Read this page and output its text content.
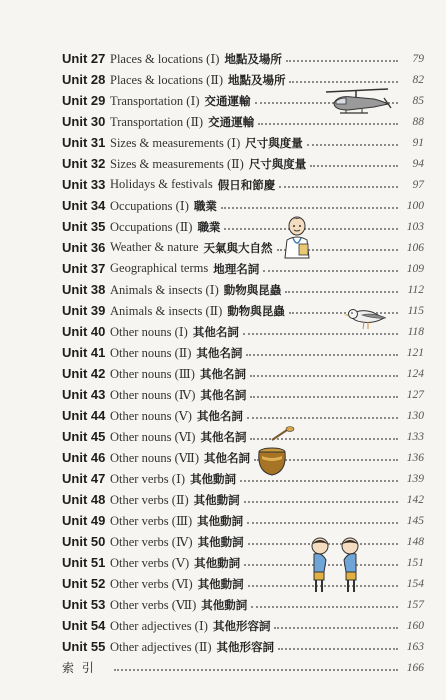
Unit 27 Places & locations (Ⅰ) 地點及場所	79
Unit 28 Places & locations (Ⅱ) 地點及場所	82
Unit 29 Transportation (Ⅰ) 交通運輸	85
Unit 30 Transportation (Ⅱ) 交通運輸	88
Unit 31 Sizes & measurements (Ⅰ) 尺寸與度量	91
Unit 32 Sizes & measurements (Ⅱ) 尺寸與度量	94
Unit 33 Holidays & festivals 假日和節慶	97
Unit 34 Occupations (Ⅰ) 職業	100
Unit 35 Occupations (Ⅱ) 職業	103
Unit 36 Weather & nature 天氣與大自然	106
Unit 37 Geographical terms 地理名詞	109
Unit 38 Animals & insects (Ⅰ) 動物與昆蟲	112
Unit 39 Animals & insects (Ⅱ) 動物與昆蟲	115
Unit 40 Other nouns (Ⅰ) 其他名詞	118
Unit 41 Other nouns (Ⅱ) 其他名詞	121
Unit 42 Other nouns (Ⅲ) 其他名詞	124
Unit 43 Other nouns (Ⅳ) 其他名詞	127
Unit 44 Other nouns (Ⅴ) 其他名詞	130
Unit 45 Other nouns (Ⅵ) 其他名詞	133
Unit 46 Other nouns (Ⅶ) 其他名詞	136
Unit 47 Other verbs (Ⅰ) 其他動詞	139
Unit 48 Other verbs (Ⅱ) 其他動詞	142
Unit 49 Other verbs (Ⅲ) 其他動詞	145
Unit 50 Other verbs (Ⅳ) 其他動詞	148
Unit 51 Other verbs (Ⅴ) 其他動詞	151
Unit 52 Other verbs (Ⅵ) 其他動詞	154
Unit 53 Other verbs (Ⅶ) 其他動詞	157
Unit 54 Other adjectives (Ⅰ) 其他形容詞	160
Unit 55 Other adjectives (Ⅱ) 其他形容詞	163
索 引	166
